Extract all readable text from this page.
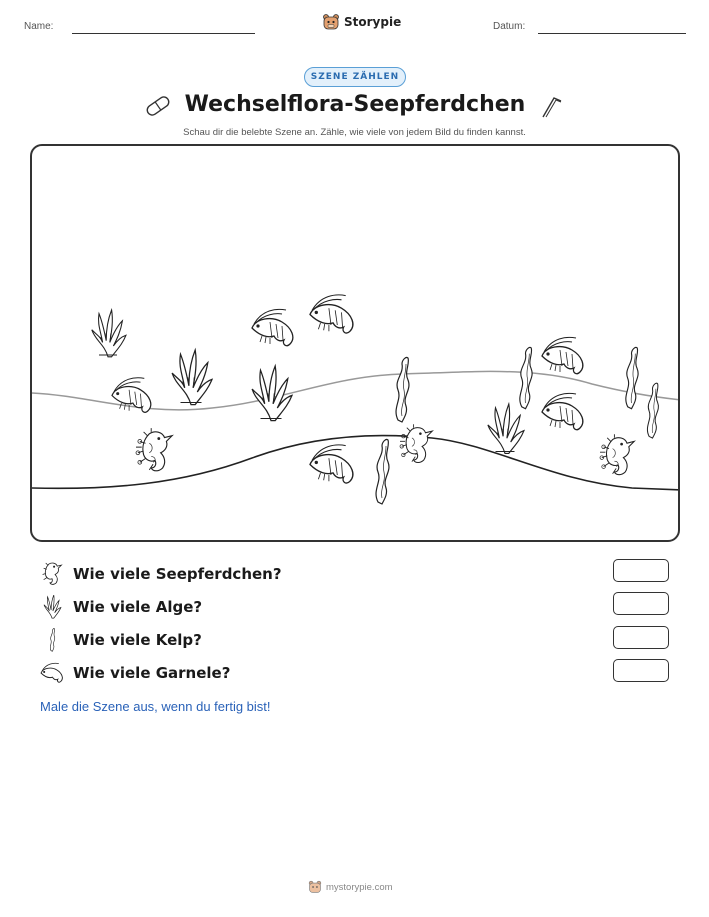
Name:	Storypie	Datum:
SZENE ZÄHLEN
Wechselflora-Seepferdchen
Schau dir die belebte Szene an. Zähle, wie viele von jedem Bild du finden kannst.
Wie viele Seepferdchen?
Wie viele Alge?
Wie viele Kelp?
Wie viele Garnele?
Male die Szene aus, wenn du fertig bist!
mystorypie.com
